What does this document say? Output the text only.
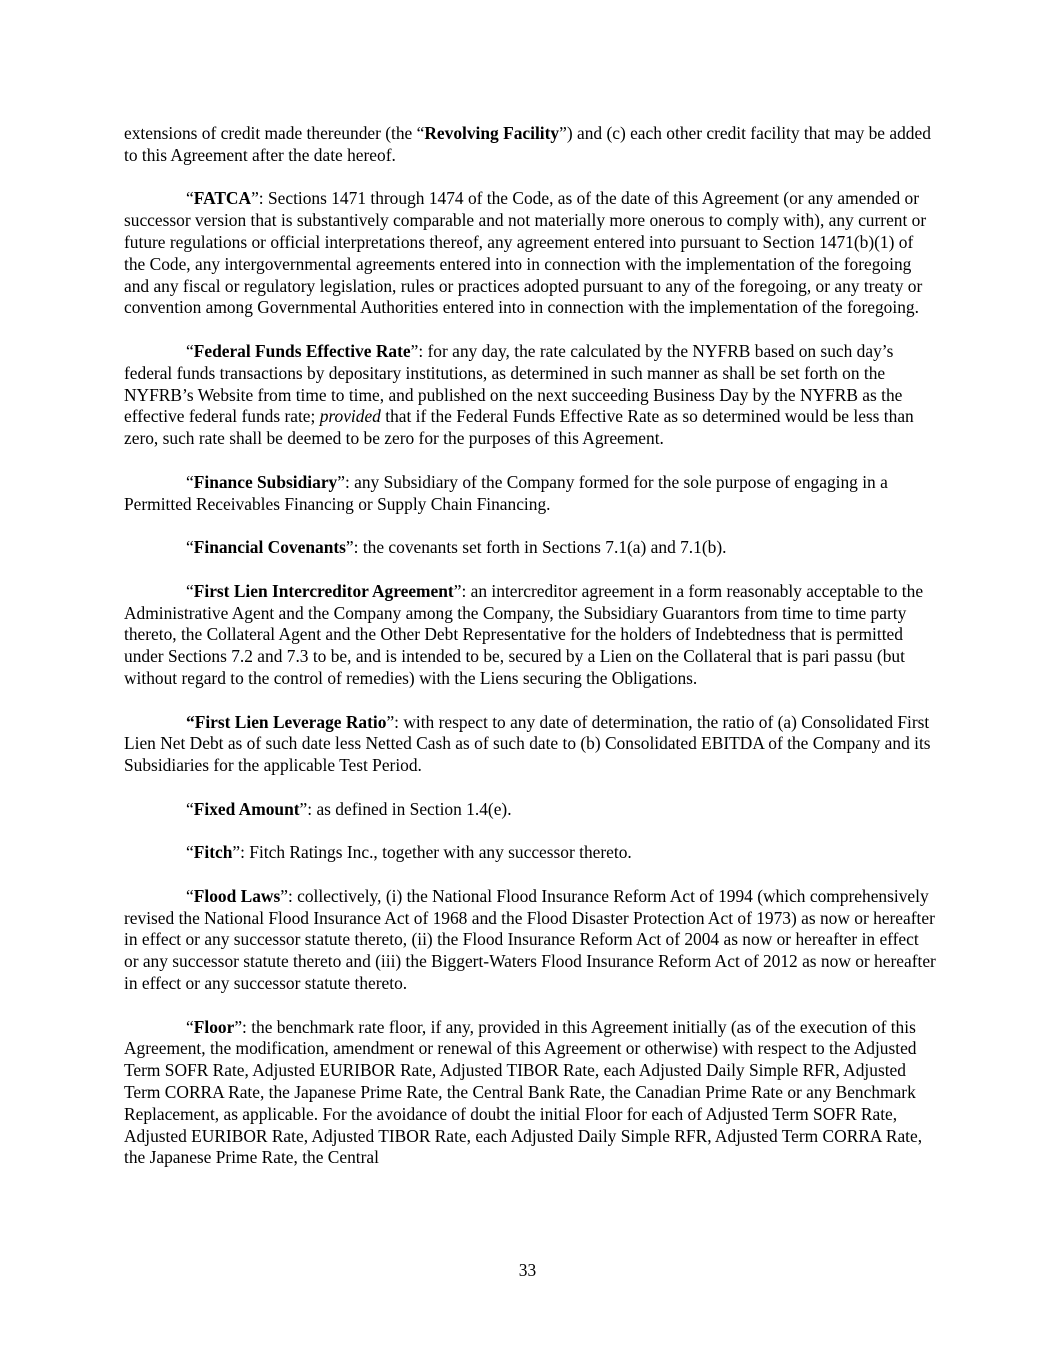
extensions of credit made thereunder (the “Revolving Facility”) and (c) each other credit facility that may be added to this Agreement after the date hereof.

“FATCA”: Sections 1471 through 1474 of the Code, as of the date of this Agreement (or any amended or successor version that is substantively comparable and not materially more onerous to comply with), any current or future regulations or official interpretations thereof, any agreement entered into pursuant to Section 1471(b)(1) of the Code, any intergovernmental agreements entered into in connection with the implementation of the foregoing and any fiscal or regulatory legislation, rules or practices adopted pursuant to any of the foregoing, or any treaty or convention among Governmental Authorities entered into in connection with the implementation of the foregoing.

“Federal Funds Effective Rate”: for any day, the rate calculated by the NYFRB based on such day’s federal funds transactions by depositary institutions, as determined in such manner as shall be set forth on the NYFRB’s Website from time to time, and published on the next succeeding Business Day by the NYFRB as the effective federal funds rate; provided that if the Federal Funds Effective Rate as so determined would be less than zero, such rate shall be deemed to be zero for the purposes of this Agreement.

“Finance Subsidiary”: any Subsidiary of the Company formed for the sole purpose of engaging in a Permitted Receivables Financing or Supply Chain Financing.

“Financial Covenants”: the covenants set forth in Sections 7.1(a) and 7.1(b).

“First Lien Intercreditor Agreement”: an intercreditor agreement in a form reasonably acceptable to the Administrative Agent and the Company among the Company, the Subsidiary Guarantors from time to time party thereto, the Collateral Agent and the Other Debt Representative for the holders of Indebtedness that is permitted under Sections 7.2 and 7.3 to be, and is intended to be, secured by a Lien on the Collateral that is pari passu (but without regard to the control of remedies) with the Liens securing the Obligations.

“First Lien Leverage Ratio”: with respect to any date of determination, the ratio of (a) Consolidated First Lien Net Debt as of such date less Netted Cash as of such date to (b) Consolidated EBITDA of the Company and its Subsidiaries for the applicable Test Period.

“Fixed Amount”: as defined in Section 1.4(e).

“Fitch”: Fitch Ratings Inc., together with any successor thereto.

“Flood Laws”: collectively, (i) the National Flood Insurance Reform Act of 1994 (which comprehensively revised the National Flood Insurance Act of 1968 and the Flood Disaster Protection Act of 1973) as now or hereafter in effect or any successor statute thereto, (ii) the Flood Insurance Reform Act of 2004 as now or hereafter in effect or any successor statute thereto and (iii) the Biggert-Waters Flood Insurance Reform Act of 2012 as now or hereafter in effect or any successor statute thereto.

“Floor”: the benchmark rate floor, if any, provided in this Agreement initially (as of the execution of this Agreement, the modification, amendment or renewal of this Agreement or otherwise) with respect to the Adjusted Term SOFR Rate, Adjusted EURIBOR Rate, Adjusted TIBOR Rate, each Adjusted Daily Simple RFR, Adjusted Term CORRA Rate, the Japanese Prime Rate, the Central Bank Rate, the Canadian Prime Rate or any Benchmark Replacement, as applicable. For the avoidance of doubt the initial Floor for each of Adjusted Term SOFR Rate, Adjusted EURIBOR Rate, Adjusted TIBOR Rate, each Adjusted Daily Simple RFR, Adjusted Term CORRA Rate, the Japanese Prime Rate, the Central

33
